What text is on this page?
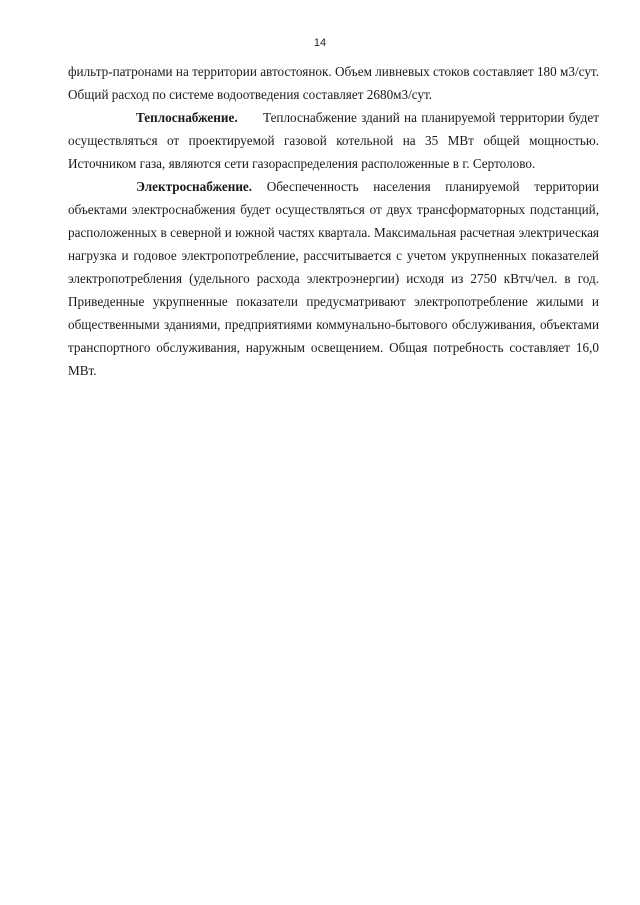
14

фильтр-патронами на территории автостоянок. Объем ливневых стоков составляет 180 м3/сут. Общий расход по системе водоотведения составляет 2680м3/сут.

Теплоснабжение. Теплоснабжение зданий на планируемой территории будет осуществляться от проектируемой газовой котельной на 35 МВт общей мощностью. Источником газа, являются сети газораспределения расположенные в г. Сертолово.

Электроснабжение. Обеспеченность населения планируемой территории объектами электроснабжения будет осуществляться от двух трансформаторных подстанций, расположенных в северной и южной частях квартала. Максимальная расчетная электрическая нагрузка и годовое электропотребление, рассчитывается с учетом укрупненных показателей электропотребления (удельного расхода электроэнергии) исходя из 2750 кВтч/чел. в год. Приведенные укрупненные показатели предусматривают электропотребление жилыми и общественными зданиями, предприятиями коммунально-бытового обслуживания, объектами транспортного обслуживания, наружным освещением. Общая потребность составляет 16,0 МВт.
